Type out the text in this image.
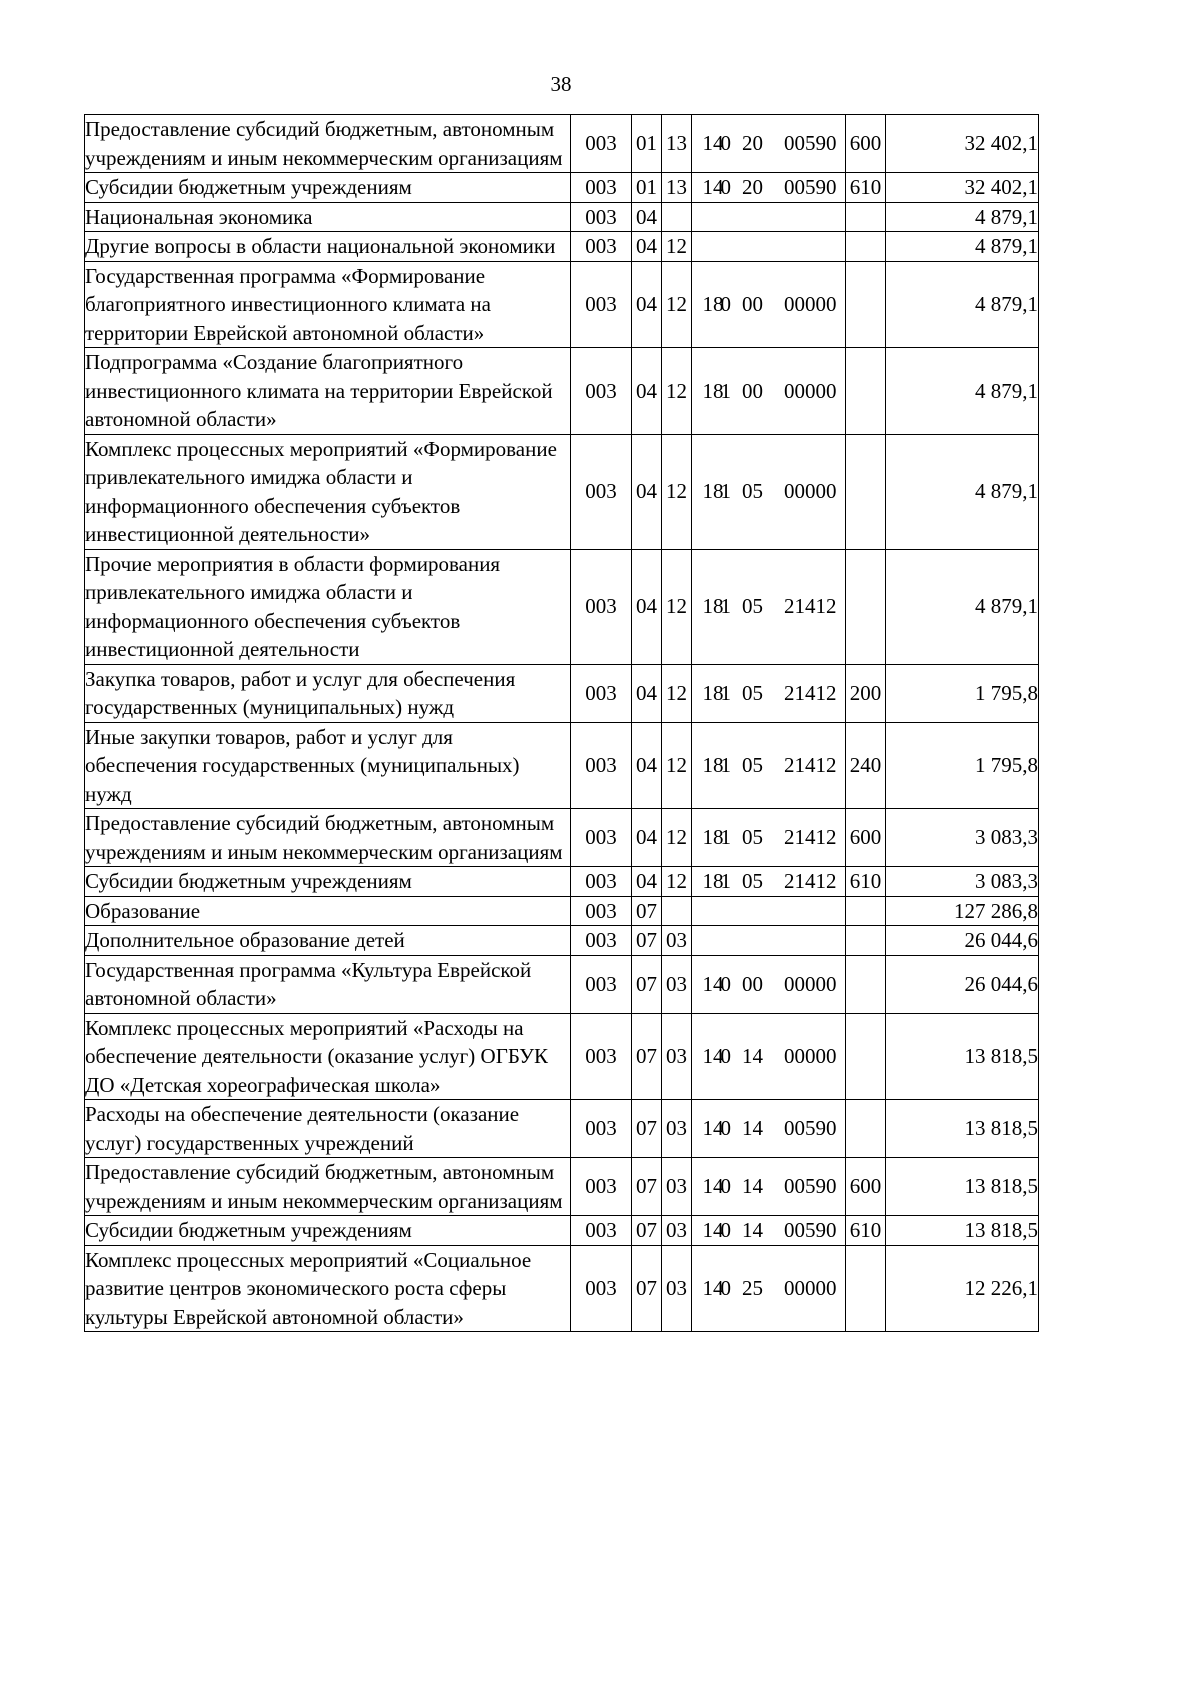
38
Предоставление субсидий бюджетным, автономным учреждениям и иным некоммерческим организациям	003	01	13	140 20 00590	600	32 402,1
Субсидии бюджетным учреждениям	003	01	13	140 20 00590	610	32 402,1
Национальная экономика	003	04				4 879,1
Другие вопросы в области национальной экономики	003	04	12			4 879,1
Государственная программа «Формирование благоприятного инвестиционного климата на территории Еврейской автономной области»	003	04	12	180 00 00000		4 879,1
Подпрограмма «Создание благоприятного инвестиционного климата на территории Еврейской автономной области»	003	04	12	181 00 00000		4 879,1
Комплекс процессных мероприятий «Формирование привлекательного имиджа области и информационного обеспечения субъектов инвестиционной деятельности»	003	04	12	181 05 00000		4 879,1
Прочие мероприятия в области формирования привлекательного имиджа области и информационного обеспечения субъектов инвестиционной деятельности	003	04	12	181 05 21412		4 879,1
Закупка товаров, работ и услуг для обеспечения государственных (муниципальных) нужд	003	04	12	181 05 21412	200	1 795,8
Иные закупки товаров, работ и услуг для обеспечения государственных (муниципальных) нужд	003	04	12	181 05 21412	240	1 795,8
Предоставление субсидий бюджетным, автономным учреждениям и иным некоммерческим организациям	003	04	12	181 05 21412	600	3 083,3
Субсидии бюджетным учреждениям	003	04	12	181 05 21412	610	3 083,3
Образование	003	07				127 286,8
Дополнительное образование детей	003	07	03			26 044,6
Государственная программа «Культура Еврейской автономной области»	003	07	03	140 00 00000		26 044,6
Комплекс процессных мероприятий «Расходы на обеспечение деятельности (оказание услуг) ОГБУК ДО «Детская хореографическая школа»	003	07	03	140 14 00000		13 818,5
Расходы на обеспечение деятельности (оказание услуг) государственных учреждений	003	07	03	140 14 00590		13 818,5
Предоставление субсидий бюджетным, автономным учреждениям и иным некоммерческим организациям	003	07	03	140 14 00590	600	13 818,5
Субсидии бюджетным учреждениям	003	07	03	140 14 00590	610	13 818,5
Комплекс процессных мероприятий «Социальное развитие центров экономического роста сферы культуры Еврейской автономной области»	003	07	03	140 25 00000		12 226,1
